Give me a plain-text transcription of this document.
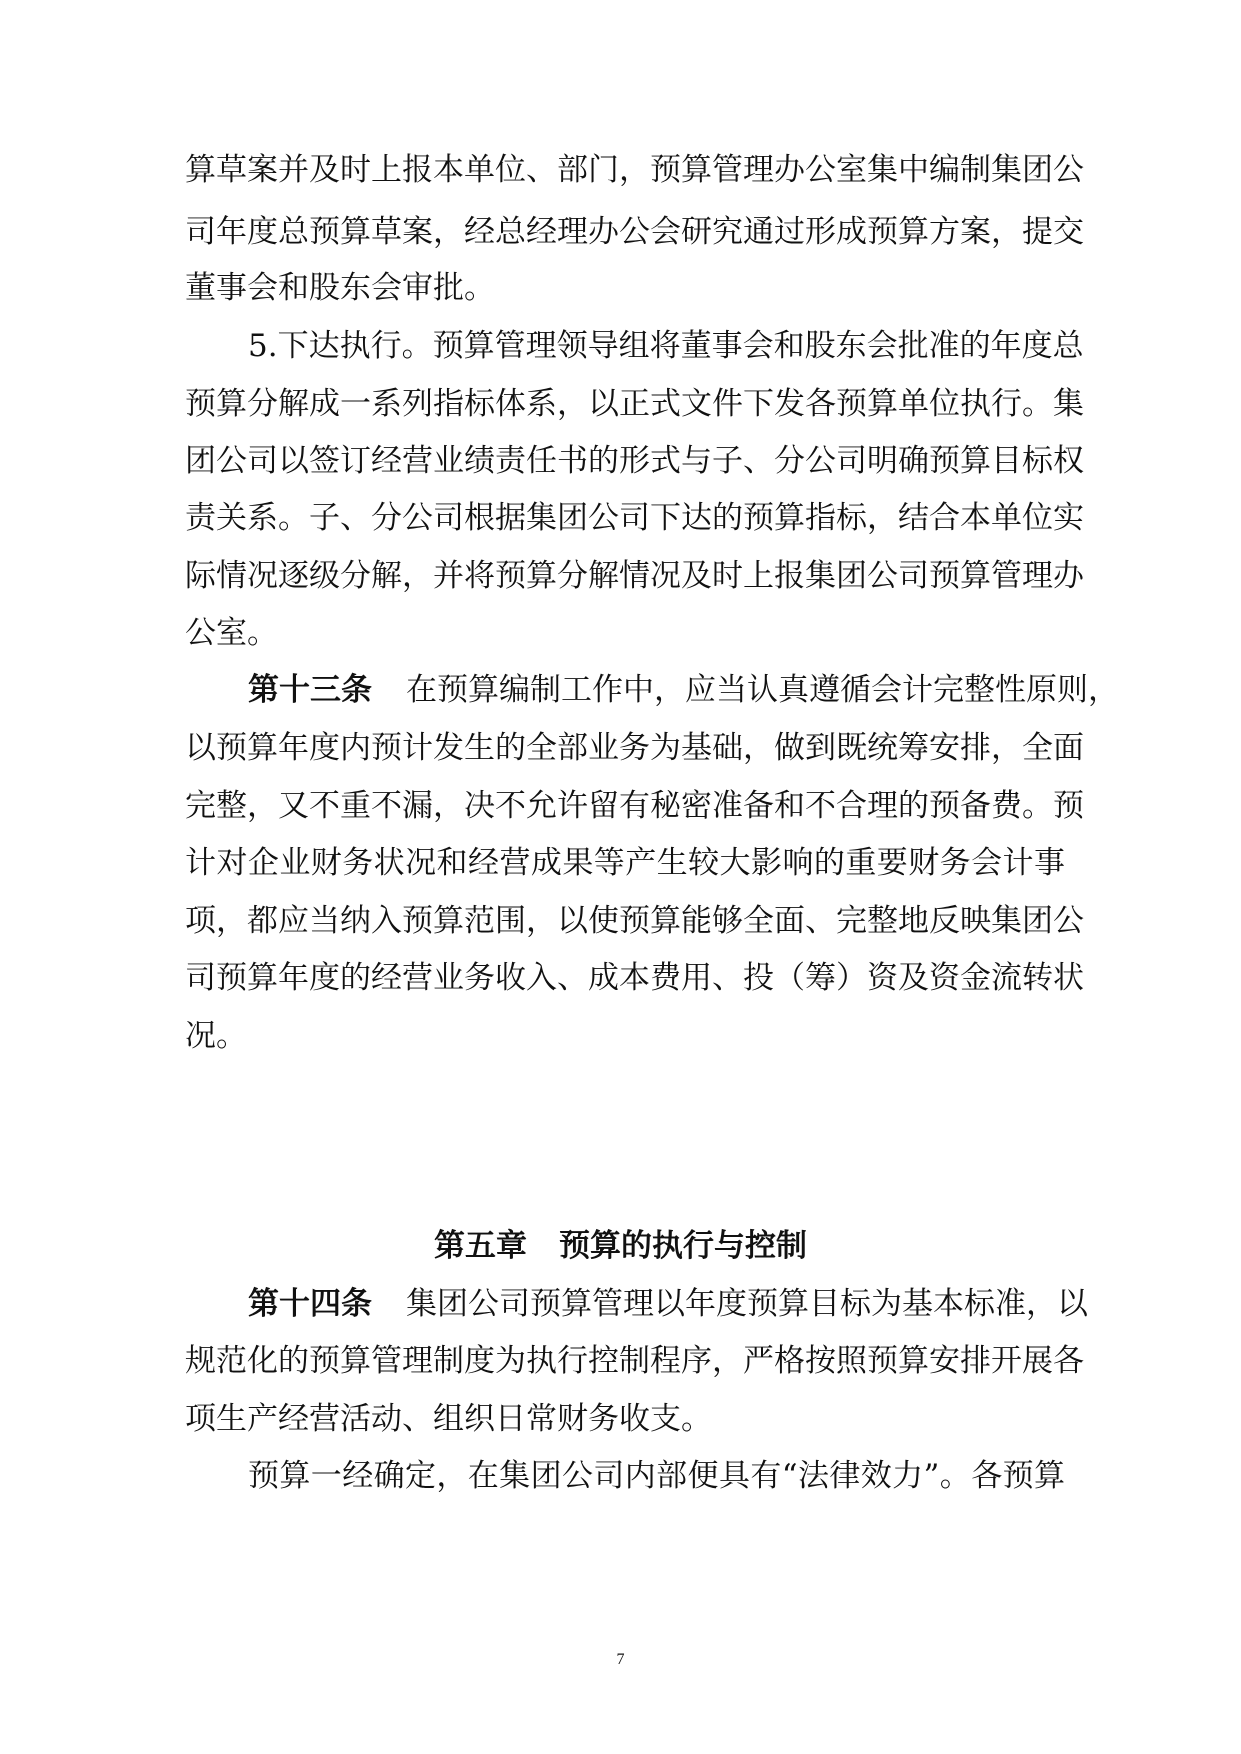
算草案并及时上报本单位、部门，预算管理办公室集中编制集团公
司年度总预算草案，经总经理办公会研究通过形成预算方案，提交
董事会和股东会审批。
5.下达执行。预算管理领导组将董事会和股东会批准的年度总
预算分解成一系列指标体系，以正式文件下发各预算单位执行。集
团公司以签订经营业绩责任书的形式与子、分公司明确预算目标权
责关系。子、分公司根据集团公司下达的预算指标，结合本单位实
际情况逐级分解，并将预算分解情况及时上报集团公司预算管理办
公室。
第十三条 在预算编制工作中，应当认真遵循会计完整性原则，
以预算年度内预计发生的全部业务为基础，做到既统筹安排，全面
完整，又不重不漏，决不允许留有秘密准备和不合理的预备费。预
计对企业财务状况和经营成果等产生较大影响的重要财务会计事
项，都应当纳入预算范围，以使预算能够全面、完整地反映集团公
司预算年度的经营业务收入、成本费用、投（筹）资及资金流转状
况。
第五章 预算的执行与控制
第十四条 集团公司预算管理以年度预算目标为基本标准，以
规范化的预算管理制度为执行控制程序，严格按照预算安排开展各
项生产经营活动、组织日常财务收支。
预算一经确定，在集团公司内部便具有“法律效力”。各预算
7
